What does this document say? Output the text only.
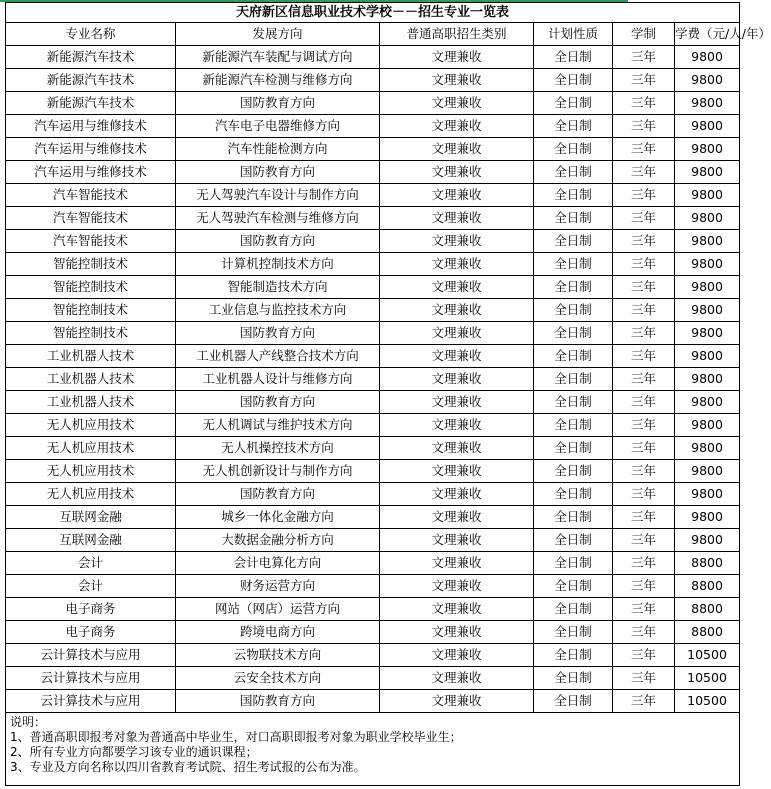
天府新区信息职业技术学校－－招生专业一览表					
专业名称	发展方向	普通高职招生类别	计划性质	学制	学费（元/人/年）
新能源汽车技术	新能源汽车装配与调试方向	文理兼收	全日制	三年	9800
新能源汽车技术	新能源汽车检测与维修方向	文理兼收	全日制	三年	9800
新能源汽车技术	国防教育方向	文理兼收	全日制	三年	9800
汽车运用与维修技术	汽车电子电器维修方向	文理兼收	全日制	三年	9800
汽车运用与维修技术	汽车性能检测方向	文理兼收	全日制	三年	9800
汽车运用与维修技术	国防教育方向	文理兼收	全日制	三年	9800
汽车智能技术	无人驾驶汽车设计与制作方向	文理兼收	全日制	三年	9800
汽车智能技术	无人驾驶汽车检测与维修方向	文理兼收	全日制	三年	9800
汽车智能技术	国防教育方向	文理兼收	全日制	三年	9800
智能控制技术	计算机控制技术方向	文理兼收	全日制	三年	9800
智能控制技术	智能制造技术方向	文理兼收	全日制	三年	9800
智能控制技术	工业信息与监控技术方向	文理兼收	全日制	三年	9800
智能控制技术	国防教育方向	文理兼收	全日制	三年	9800
工业机器人技术	工业机器人产线整合技术方向	文理兼收	全日制	三年	9800
工业机器人技术	工业机器人设计与维修方向	文理兼收	全日制	三年	9800
工业机器人技术	国防教育方向	文理兼收	全日制	三年	9800
无人机应用技术	无人机调试与维护技术方向	文理兼收	全日制	三年	9800
无人机应用技术	无人机操控技术方向	文理兼收	全日制	三年	9800
无人机应用技术	无人机创新设计与制作方向	文理兼收	全日制	三年	9800
无人机应用技术	国防教育方向	文理兼收	全日制	三年	9800
互联网金融	城乡一体化金融方向	文理兼收	全日制	三年	9800
互联网金融	大数据金融分析方向	文理兼收	全日制	三年	9800
会计	会计电算化方向	文理兼收	全日制	三年	8800
会计	财务运营方向	文理兼收	全日制	三年	8800
电子商务	网站（网店）运营方向	文理兼收	全日制	三年	8800
电子商务	跨境电商方向	文理兼收	全日制	三年	8800
云计算技术与应用	云物联技术方向	文理兼收	全日制	三年	10500
云计算技术与应用	云安全技术方向	文理兼收	全日制	三年	10500
云计算技术与应用	国防教育方向	文理兼收	全日制	三年	10500

说明：
1、普通高职即报考对象为普通高中毕业生，对口高职即报考对象为职业学校毕业生；
2、所有专业方向都要学习该专业的通识课程；
3、专业及方向名称以四川省教育考试院、招生考试报的公布为准。					
